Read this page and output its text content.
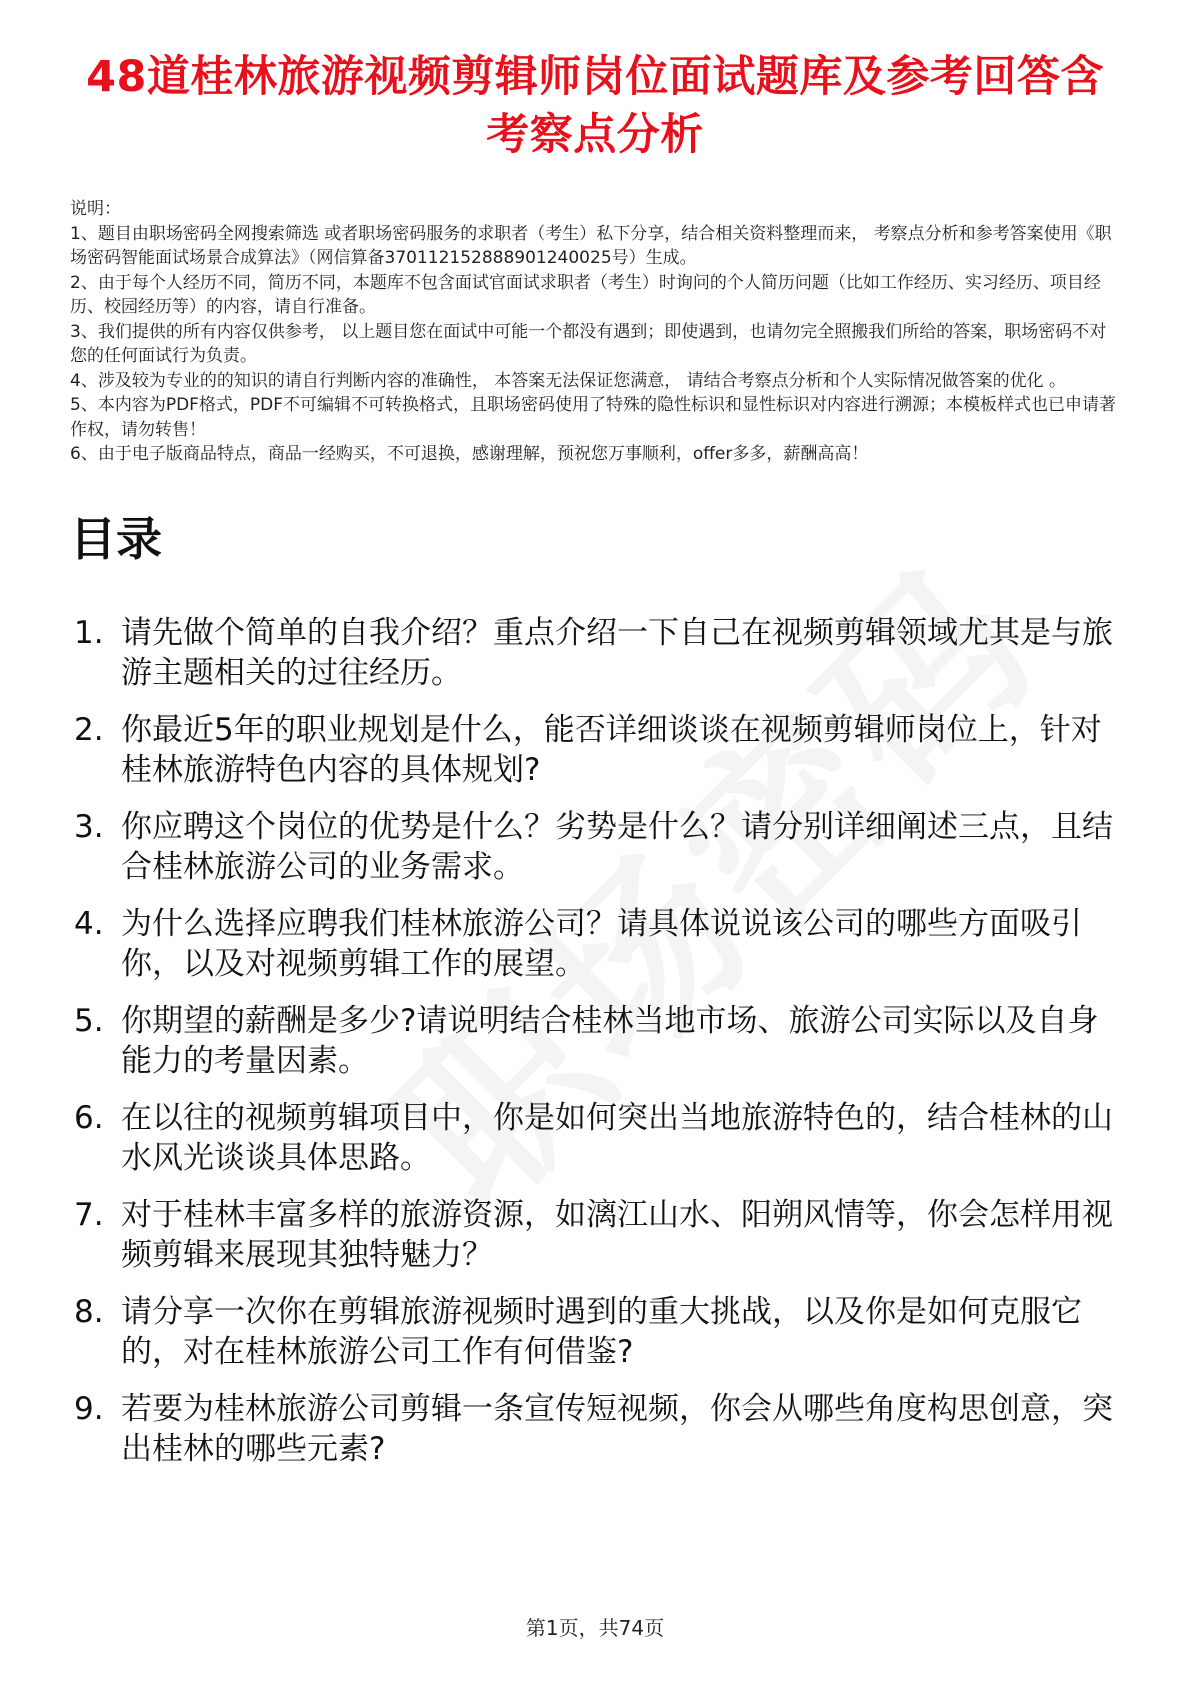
48道桂林旅游视频剪辑师岗位面试题库及参考回答含考察点分析

说明：

1、题目由职场密码全网搜索筛选 或者职场密码服务的求职者（考生）私下分享，结合相关资料整理而来， 考察点分析和参考答案使用《职场密码智能面试场景合成算法》（网信算备370112152888901240025号）生成。

2、由于每个人经历不同，简历不同，本题库不包含面试官面试求职者（考生）时询问的个人简历问题（比如工作经历、实习经历、项目经历、校园经历等）的内容，请自行准备。

3、我们提供的所有内容仅供参考， 以上题目您在面试中可能一个都没有遇到；即使遇到，也请勿完全照搬我们所给的答案，职场密码不对您的任何面试行为负责。

4、涉及较为专业的的知识的请自行判断内容的准确性， 本答案无法保证您满意， 请结合考察点分析和个人实际情况做答案的优化 。

5、本内容为PDF格式，PDF不可编辑不可转换格式，且职场密码使用了特殊的隐性标识和显性标识对内容进行溯源；本模板样式也已申请著作权，请勿转售！

6、由于电子版商品特点，商品一经购买，不可退换，感谢理解，预祝您万事顺利，offer多多，薪酬高高！

目录
1. 请先做个简单的自我介绍？重点介绍一下自己在视频剪辑领域尤其是与旅游主题相关的过往经历。
2. 你最近5年的职业规划是什么，能否详细谈谈在视频剪辑师岗位上，针对桂林旅游特色内容的具体规划?
3. 你应聘这个岗位的优势是什么？劣势是什么？请分别详细阐述三点，且结合桂林旅游公司的业务需求。
4. 为什么选择应聘我们桂林旅游公司？请具体说说该公司的哪些方面吸引你，以及对视频剪辑工作的展望。
5. 你期望的薪酬是多少?请说明结合桂林当地市场、旅游公司实际以及自身能力的考量因素。
6. 在以往的视频剪辑项目中，你是如何突出当地旅游特色的，结合桂林的山水风光谈谈具体思路。
7. 对于桂林丰富多样的旅游资源，如漓江山水、阳朔风情等，你会怎样用视频剪辑来展现其独特魅力？
8. 请分享一次你在剪辑旅游视频时遇到的重大挑战，以及你是如何克服它的，对在桂林旅游公司工作有何借鉴?
9. 若要为桂林旅游公司剪辑一条宣传短视频，你会从哪些角度构思创意，突出桂林的哪些元素?
第1页，共74页
